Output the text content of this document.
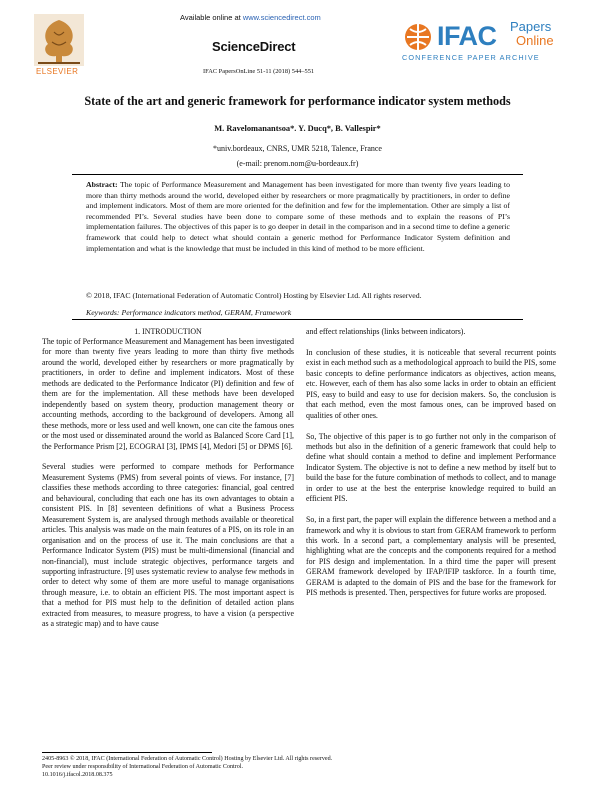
Available online at www.sciencedirect.com
ScienceDirect
IFAC PapersOnLine 51-11 (2018) 544–551
ELSEVIER
IFAC Papers
Online
CONFERENCE PAPER ARCHIVE
State of the art and generic framework for performance indicator system methods
M. Ravelomanantsoa*. Y. Ducq*, B. Vallespir*
*univ.bordeaux, CNRS, UMR 5218, Talence, France
(e-mail: prenom.nom@u-bordeaux.fr)
Abstract: The topic of Performance Measurement and Management has been investigated for more than twenty five years leading to more than thirty methods around the world, developed either by researchers or more pragmatically by practitioners, in order to define and implement indicators. Most of them are more oriented for the definition and few for the implementation. Other are simply a list of recommended PI’s. Several studies have been done to compare some of these methods and to explain the reasons of PI’s implementation failures. The objectives of this paper is to go deeper in detail in the comparison and in a second time to define a generic framework that could help to detect what should contain a generic method for Performance Indicator System definition and implementation and what is the knowledge that must be included in this kind of method to be more efficient.
© 2018, IFAC (International Federation of Automatic Control) Hosting by Elsevier Ltd. All rights reserved.
Keywords: Performance indicators method, GERAM, Framework
1. INTRODUCTION

The topic of Performance Measurement and Management has been investigated for more than twenty five years leading to more than thirty five methods around the world, developed either by researchers or more pragmatically by practitioners, in order to define and implement indicators. Most of these methods are dedicated to the Performance Indicator (PI) definition and few of them are for the implementation. All these methods have been developed independently based on system theory, production management theory or accounting methods, according to the background of developers. Among all these methods, more or less used and well known, one can cite the famous ones or the most used or disseminated around the world as Balanced Score Card [1], the Performance Prism [2], ECOGRAI [3], IPMS [4], Medori [5] or DPMS [6].

Several studies were performed to compare methods for Performance Measurement Systems (PMS) from several points of views. For instance, [7] classifies these methods according to three categories: financial, goal centred and behavioural, concluding that each one has its own advantages to obtain a consistent PIS. In [8] seventeen definitions of what a Business Process Measurement System is, are analysed through methods available or theoretical articles. This analysis was made on the main features of a PIS, on its role in an organisation and on the process of use it. The main conclusions are that a Performance Indicator System (PIS) must be multi-dimensional (financial and non-financial), must include strategic objectives, performance targets and supporting infrastructure. [9] uses systematic review to analyse few methods in order to detect why some of them are more useful to manage organisations through measure, i.e. to obtain an efficient PIS. The most important aspect is that a method for PIS must help to the definition of detailed action plans extracted from measures, to measure progress, to have a vision (a perspective as a strategic map) and to have cause

and effect relationships (links between indicators).

In conclusion of these studies, it is noticeable that several recurrent points exist in each method such as a methodological approach to build the PIS, some basic concepts to define performance indicators as objectives, action means, etc. However, each of them has also some lacks in order to obtain an efficient PIS, easy to build and easy to use for decision makers. So, the conclusion is that each method, even the most famous ones, can be improved based on qualities of other ones.

So, The objective of this paper is to go further not only in the comparison of methods but also in the definition of a generic framework that could help to define what should contain a method to define and implement Performance Indicator System. The objective is not to define a new method by itself but to build the base for the future combination of methods to collect, and to manage in order to use at the best the enterprise knowledge required to build an efficient PIS.

So, in a first part, the paper will explain the difference between a method and a framework and why it is obvious to start from GERAM framework to perform this work. In a second part, a complementary analysis will be presented, highlighting what are the concepts and the components required for a method for PIS design and implementation. In a third time the paper will present GERAM framework developed by IFAP/IFIP taskforce. In a fourth time, GERAM is adapted to the domain of PIS and the base for the framework for PIS methods is presented. Then, perspectives for future works are proposed.

2405-8963 © 2018, IFAC (International Federation of Automatic Control) Hosting by Elsevier Ltd. All rights reserved.
Peer review under responsibility of International Federation of Automatic Control.
10.1016/j.ifacol.2018.08.375
